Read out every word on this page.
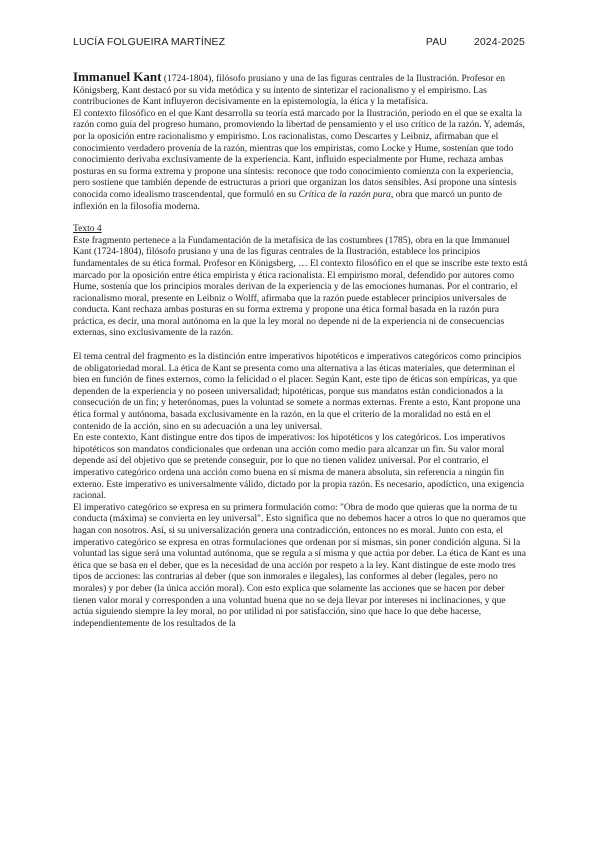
LUCÍA FOLGUEIRA MARTÍNEZ	PAU	2024-2025

Immanuel Kant (1724-1804), filósofo prusiano y una de las figuras centrales de la Ilustración. Profesor en Königsberg, Kant destacó por su vida metódica y su intento de sintetizar el racionalismo y el empirismo. Las contribuciones de Kant influyeron decisivamente en la epistemología, la ética y la metafísica.

El contexto filosófico en el que Kant desarrolla su teoría está marcado por la Ilustración, periodo en el que se exalta la razón como guía del progreso humano, promoviendo la libertad de pensamiento y el uso crítico de la razón. Y, además, por la oposición entre racionalismo y empirismo. Los racionalistas, como Descartes y Leibniz, afirmaban que el conocimiento verdadero provenía de la razón, mientras que los empiristas, como Locke y Hume, sostenían que todo conocimiento derivaba exclusivamente de la experiencia. Kant, influido especialmente por Hume, rechaza ambas posturas en su forma extrema y propone una síntesis: reconoce que todo conocimiento comienza con la experiencia, pero sostiene que también depende de estructuras a priori que organizan los datos sensibles. Así propone una síntesis conocida como idealismo trascendental, que formuló en su Crítica de la razón pura, obra que marcó un punto de inflexión en la filosofía moderna.

Texto 4

Este fragmento pertenece a la Fundamentación de la metafísica de las costumbres (1785), obra en la que Immanuel Kant (1724-1804), filósofo prusiano y una de las figuras centrales de la Ilustración, establece los principios fundamentales de su ética formal. Profesor en Königsberg, … El contexto filosófico en el que se inscribe este texto está marcado por la oposición entre ética empirista y ética racionalista. El empirismo moral, defendido por autores como Hume, sostenía que los principios morales derivan de la experiencia y de las emociones humanas. Por el contrario, el racionalismo moral, presente en Leibniz o Wolff, afirmaba que la razón puede establecer principios universales de conducta. Kant rechaza ambas posturas en su forma extrema y propone una ética formal basada en la razón pura práctica, es decir, una moral autónoma en la que la ley moral no depende ni de la experiencia ni de consecuencias externas, sino exclusivamente de la razón.

El tema central del fragmento es la distinción entre imperativos hipotéticos e imperativos categóricos como principios de obligatoriedad moral. La ética de Kant se presenta como una alternativa a las éticas materiales, que determinan el bien en función de fines externos, como la felicidad o el placer. Según Kant, este tipo de éticas son empíricas, ya que dependen de la experiencia y no poseen universalidad; hipotéticas, porque sus mandatos están condicionados a la consecución de un fin; y heterónomas, pues la voluntad se somete a normas externas. Frente a esto, Kant propone una ética formal y autónoma, basada exclusivamente en la razón, en la que el criterio de la moralidad no está en el contenido de la acción, sino en su adecuación a una ley universal.

En este contexto, Kant distingue entre dos tipos de imperativos: los hipotéticos y los categóricos. Los imperativos hipotéticos son mandatos condicionales que ordenan una acción como medio para alcanzar un fin. Su valor moral depende así del objetivo que se pretende conseguir, por lo que no tienen validez universal. Por el contrario, el imperativo categórico ordena una acción como buena en sí misma de manera absoluta, sin referencia a ningún fin externo. Este imperativo es universalmente válido, dictado por la propia razón. Es necesario, apodíctico, una exigencia racional.

El imperativo categórico se expresa en su primera formulación como: "Obra de modo que quieras que la norma de tu conducta (máxima) se convierta en ley universal". Esto significa que no debemos hacer a otros lo que no queramos que hagan con nosotros. Así, si su universalización genera una contradicción, entonces no es moral. Junto con esta, el imperativo categórico se expresa en otras formulaciones que ordenan por sí mismas, sin poner condición alguna. Si la voluntad las sigue será una voluntad autónoma, que se regula a sí misma y que actúa por deber. La ética de Kant es una ética que se basa en el deber, que es la necesidad de una acción por respeto a la ley. Kant distingue de este modo tres tipos de acciones: las contrarias al deber (que son inmorales e ilegales), las conformes al deber (legales, pero no morales) y por deber (la única acción moral). Con esto explica que solamente las acciones que se hacen por deber tienen valor moral y corresponden a una voluntad buena que no se deja llevar por intereses ni inclinaciones, y que actúa siguiendo siempre la ley moral, no por utilidad ni por satisfacción, sino que hace lo que debe hacerse, independientemente de los resultados de la
